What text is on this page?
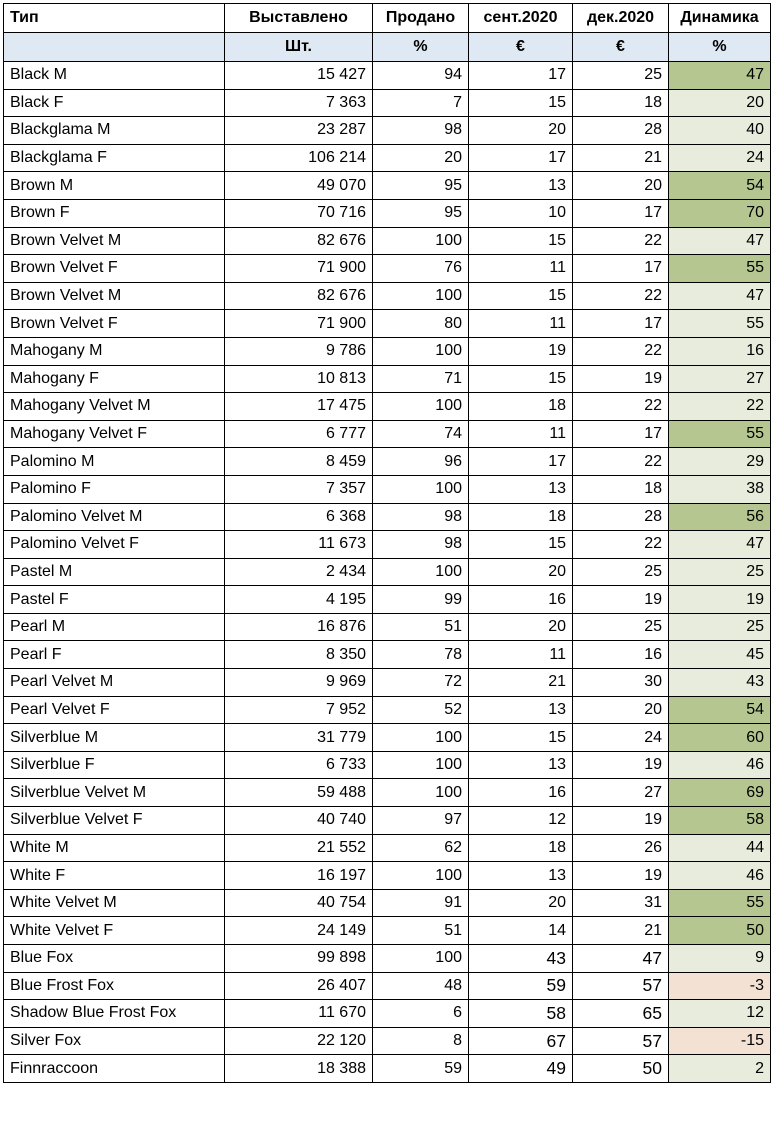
Тип	Выставлено	Продано	сент.2020	дек.2020	Динамика
	Шт.	%	€	€	%
Black M	15 427	94	17	25	47
Black F	7 363	7	15	18	20
Blackglama M	23 287	98	20	28	40
Blackglama F	106 214	20	17	21	24
Brown M	49 070	95	13	20	54
Brown F	70 716	95	10	17	70
Brown Velvet M	82 676	100	15	22	47
Brown Velvet F	71 900	76	11	17	55
Brown Velvet M	82 676	100	15	22	47
Brown Velvet F	71 900	80	11	17	55
Mahogany M	9 786	100	19	22	16
Mahogany F	10 813	71	15	19	27
Mahogany Velvet M	17 475	100	18	22	22
Mahogany Velvet F	6 777	74	11	17	55
Palomino M	8 459	96	17	22	29
Palomino F	7 357	100	13	18	38
Palomino Velvet M	6 368	98	18	28	56
Palomino Velvet F	11 673	98	15	22	47
Pastel M	2 434	100	20	25	25
Pastel F	4 195	99	16	19	19
Pearl M	16 876	51	20	25	25
Pearl F	8 350	78	11	16	45
Pearl Velvet M	9 969	72	21	30	43
Pearl Velvet F	7 952	52	13	20	54
Silverblue M	31 779	100	15	24	60
Silverblue F	6 733	100	13	19	46
Silverblue Velvet M	59 488	100	16	27	69
Silverblue Velvet F	40 740	97	12	19	58
White M	21 552	62	18	26	44
White F	16 197	100	13	19	46
White Velvet M	40 754	91	20	31	55
White Velvet F	24 149	51	14	21	50
Blue Fox	99 898	100	43	47	9
Blue Frost Fox	26 407	48	59	57	-3
Shadow Blue Frost Fox	11 670	6	58	65	12
Silver Fox	22 120	8	67	57	-15
Finnraccoon	18 388	59	49	50	2
